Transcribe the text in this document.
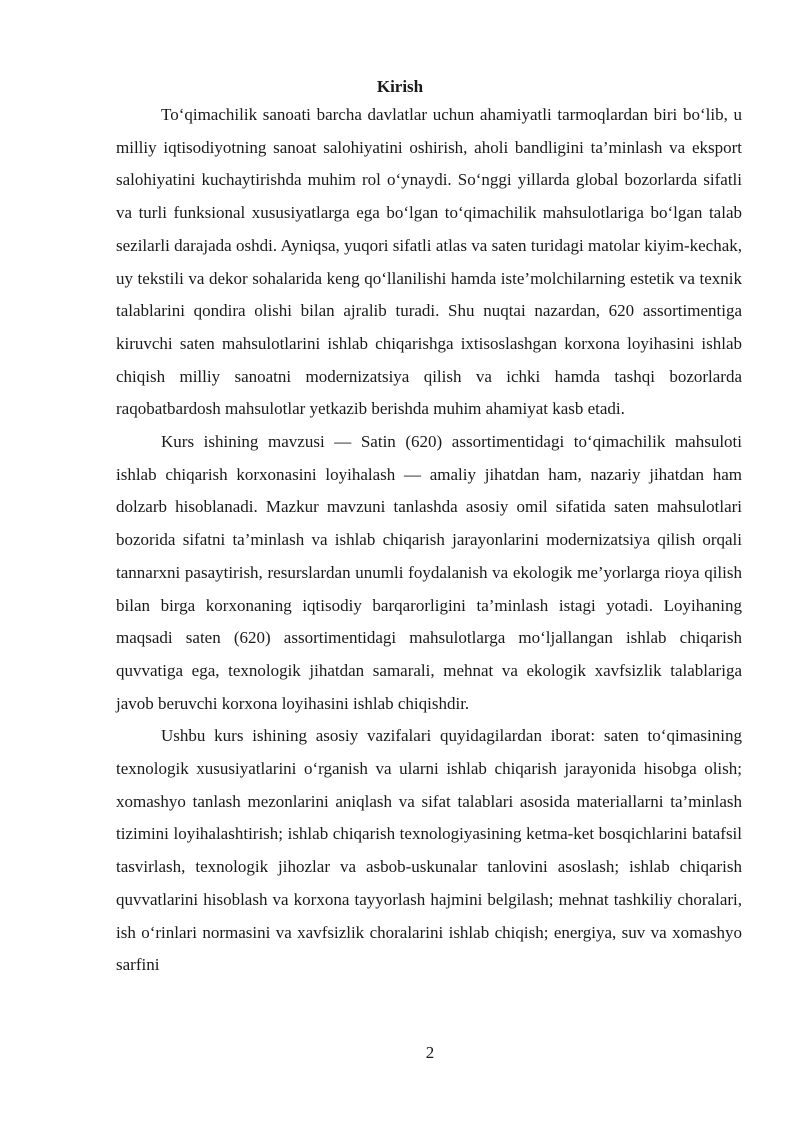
Kirish

To‘qimachilik sanoati barcha davlatlar uchun ahamiyatli tarmoqlardan biri bo‘lib, u milliy iqtisodiyotning sanoat salohiyatini oshirish, aholi bandligini ta’minlash va eksport salohiyatini kuchaytirishda muhim rol o‘ynaydi. So‘nggi yillarda global bozorlarda sifatli va turli funksional xususiyatlarga ega bo‘lgan to‘qimachilik mahsulotlariga bo‘lgan talab sezilarli darajada oshdi. Ayniqsa, yuqori sifatli atlas va saten turidagi matolar kiyim-kechak, uy tekstili va dekor sohalarida keng qo‘llanilishi hamda iste’molchilarning estetik va texnik talablarini qondira olishi bilan ajralib turadi. Shu nuqtai nazardan, 620 assortimentiga kiruvchi saten mahsulotlarini ishlab chiqarishga ixtisoslashgan korxona loyihasini ishlab chiqish milliy sanoatni modernizatsiya qilish va ichki hamda tashqi bozorlarda raqobatbardosh mahsulotlar yetkazib berishda muhim ahamiyat kasb etadi.

Kurs ishining mavzusi — Satin (620) assortimentidagi to‘qimachilik mahsuloti ishlab chiqarish korxonasini loyihalash — amaliy jihatdan ham, nazariy jihatdan ham dolzarb hisoblanadi. Mazkur mavzuni tanlashda asosiy omil sifatida saten mahsulotlari bozorida sifatni ta’minlash va ishlab chiqarish jarayonlarini modernizatsiya qilish orqali tannarxni pasaytirish, resurslardan unumli foydalanish va ekologik me’yorlarga rioya qilish bilan birga korxonaning iqtisodiy barqarorligini ta’minlash istagi yotadi. Loyihaning maqsadi saten (620) assortimentidagi mahsulotlarga mo‘ljallangan ishlab chiqarish quvvatiga ega, texnologik jihatdan samarali, mehnat va ekologik xavfsizlik talablariga javob beruvchi korxona loyihasini ishlab chiqishdir.

Ushbu kurs ishining asosiy vazifalari quyidagilardan iborat: saten to‘qimasining texnologik xususiyatlarini o‘rganish va ularni ishlab chiqarish jarayonida hisobga olish; xomashyo tanlash mezonlarini aniqlash va sifat talablari asosida materiallarni ta’minlash tizimini loyihalashtirish; ishlab chiqarish texnologiyasining ketma-ket bosqichlarini batafsil tasvirlash, texnologik jihozlar va asbob-uskunalar tanlovini asoslash; ishlab chiqarish quvvatlarini hisoblash va korxona tayyorlash hajmini belgilash; mehnat tashkiliy choralari, ish o‘rinlari normasini va xavfsizlik choralarini ishlab chiqish; energiya, suv va xomashyo sarfini

2
